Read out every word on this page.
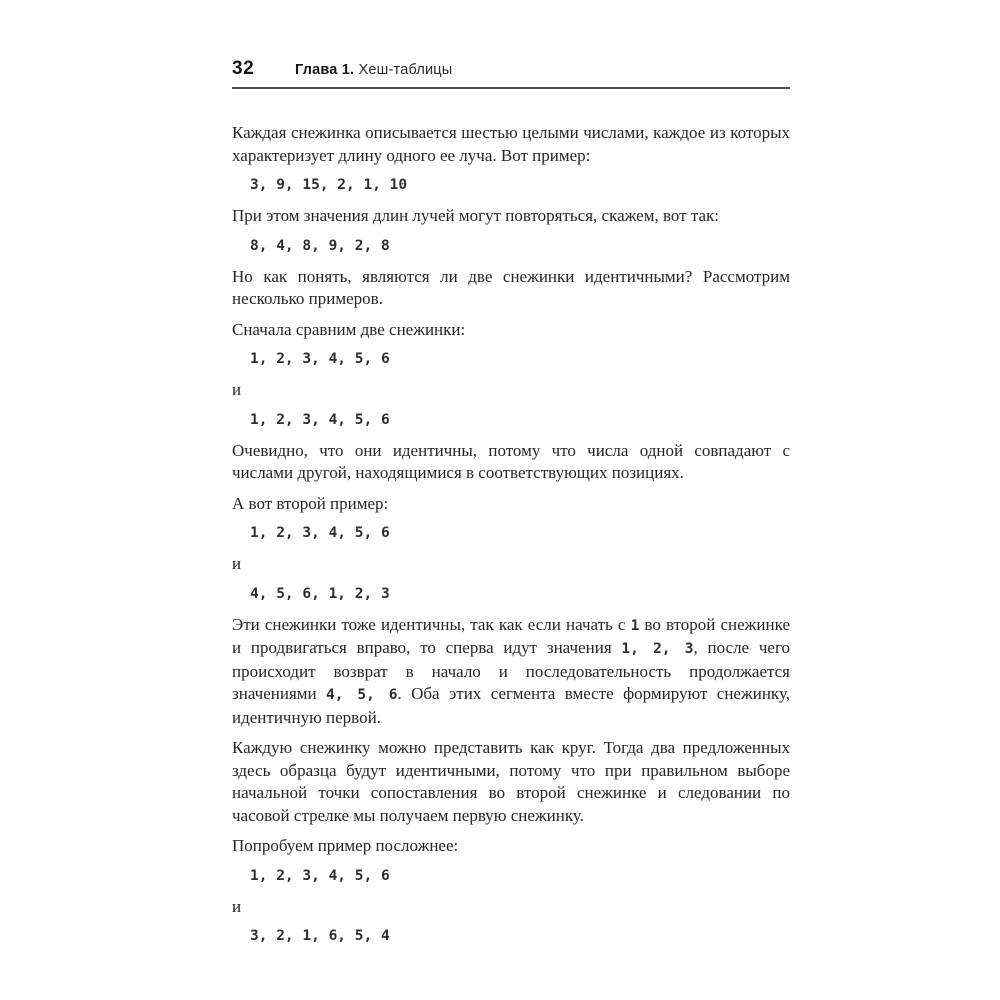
32	Глава 1. Хеш-таблицы

Каждая снежинка описывается шестью целыми числами, каждое из которых характеризует длину одного ее луча. Вот пример:

3, 9, 15, 2, 1, 10

При этом значения длин лучей могут повторяться, скажем, вот так:

8, 4, 8, 9, 2, 8

Но как понять, являются ли две снежинки идентичными? Рассмотрим несколько примеров.

Сначала сравним две снежинки:

1, 2, 3, 4, 5, 6

и

1, 2, 3, 4, 5, 6

Очевидно, что они идентичны, потому что числа одной совпадают с числами другой, находящимися в соответствующих позициях.

А вот второй пример:

1, 2, 3, 4, 5, 6

и

4, 5, 6, 1, 2, 3

Эти снежинки тоже идентичны, так как если начать с 1 во второй снежинке и продвигаться вправо, то сперва идут значения 1, 2, 3, после чего происходит возврат в начало и последовательность продолжается значениями 4, 5, 6. Оба этих сегмента вместе формируют снежинку, идентичную первой.

Каждую снежинку можно представить как круг. Тогда два предложенных здесь образца будут идентичными, потому что при правильном выборе начальной точки сопоставления во второй снежинке и следовании по часовой стрелке мы получаем первую снежинку.

Попробуем пример посложнее:

1, 2, 3, 4, 5, 6

и

3, 2, 1, 6, 5, 4
